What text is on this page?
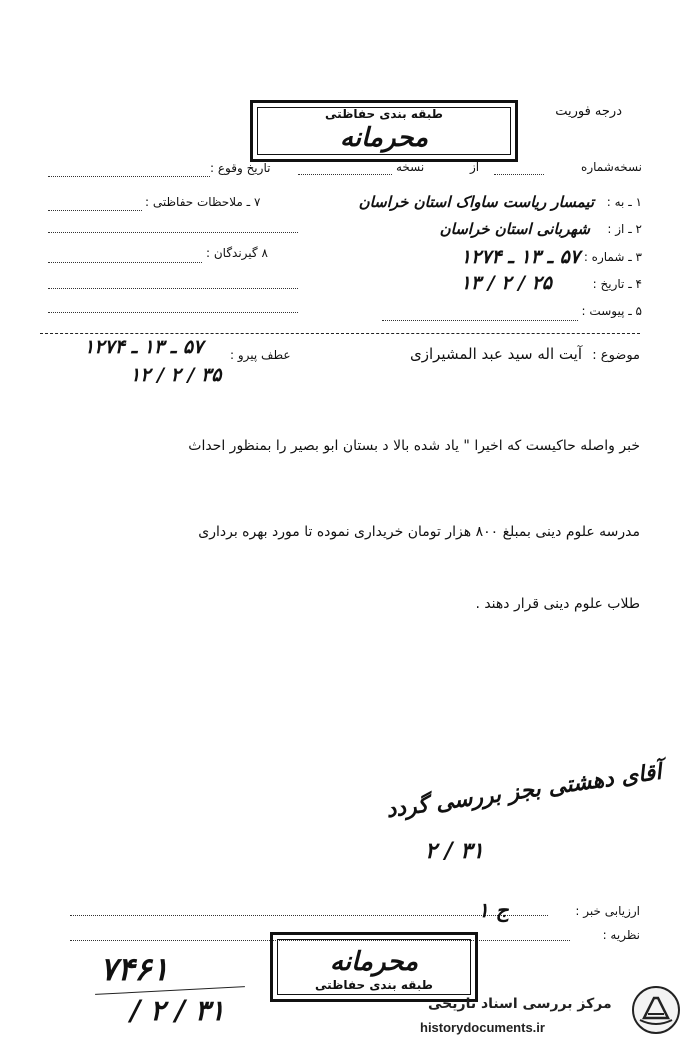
درجه فوریت
طبقه بندی حفاظتی
محرمانه
تاریخ وقوع :
۷ ـ ملاحظات حفاظتی :
۸ گیرندگان :
نسخه‌شماره
از
نسخه
۱ ـ به :
تیمسار ریاست ساواک استان خراسان
۲ ـ از :
شهربانی استان خراسان
۳ ـ شماره :
۵۷ ـ ۱۳ ـ ۱۲۷۴
۴ ـ تاریخ :
۲۵ / ۲ / ۱۳
۵ ـ پیوست :
عطف پیرو :
۵۷ ـ ۱۳ ـ ۱۲۷۴
۳۵ / ۲ / ۱۲
موضوع :
آیت اله سید عبد المشیرازی
خبر واصله حاکیست که اخیرا " یاد شده بالا د بستان ابو بصیر را بمنظور احداث
مدرسه علوم دینی بمبلغ ۸۰۰ هزار تومان خریداری نموده تا مورد بهره برداری
طلاب علوم دینی قرار دهند .
آقای دهشتی بجز بررسی گردد
۳۱ / ۲
ارزیابی خبر :
ج ۱
نظریه :
محرمانه
طبقه بندی حفاظتی
۷۴۶۱
۳۱ / ۲ /	مرکز بررسی اسناد تاریخی
historydocuments.ir
